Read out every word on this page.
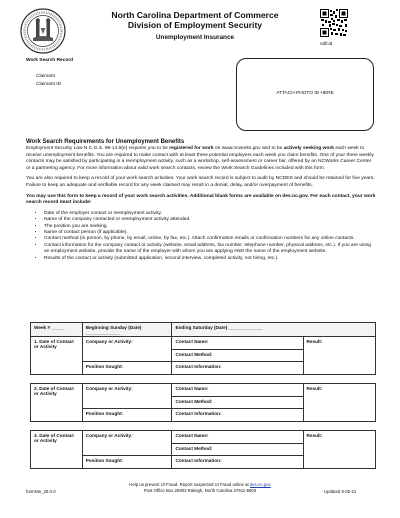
North Carolina Department of Commerce
Division of Employment Security
Unemployment Insurance
ndfcid
Work Search Record
Claimant
Claimant ID
ATTACH PHOTO ID HERE
Work Search Requirements for Unemployment Benefits

Employment Security Law N.C.G.S. 96-14.9(e) requires you to be registered for work on www.ncworks.gov and to be actively seeking work each week to receive unemployment benefits. You are required to make contact with at least three potential employers each week you claim benefits. One of your three weekly contacts may be satisfied by participating in a reemployment activity, such as a workshop, self-assessment or career fair, offered by an NCWorks Career Center or a partnering agency. For more information about valid work search contacts, review the Work Search Guidelines included with this form.

You are also required to keep a record of your work search activities. Your work search record is subject to audit by NCDES and should be retained for five years. Failure to keep an adequate and verifiable record for any week claimed may result in a denial, delay, and/or overpayment of benefits.

You may use this form to keep a record of your work search activities. Additional blank forms are available on des.nc.gov. For each contact, your work search record must include:

• Date of the employer contact or reemployment activity.
• Name of the company contacted or reemployment activity attended.
• The position you are seeking.
• Name of contact person (if applicable).
• Contact method (in person, by phone, by email, online, by fax, etc.). Attach confirmation emails or confirmation numbers for any online contacts.
• Contact information for the company contact or activity (website, email address, fax number, telephone number, physical address, etc.). If you are using an employment website, provide the name of the employer with whom you are applying AND the name of the employment website.
• Results of the contact or activity (submitted application, second interview, completed activity, not hiring, etc.).
Week # _____	Beginning Sunday (Date) _____________	Ending Saturday (Date) _____________	
1. Date of Contact or Activity	Company or Activity:	Contact Name:	Result:
		Contact Method:	
	Position Sought:	Contact Information:	

2. Date of Contact or Activity	Company or Activity:	Contact Name:	Result:
		Contact Method:	
	Position Sought:	Contact Information:	

3. Date of Contact or Activity	Company or Activity:	Contact Name:	Result:
		Contact Method:	
	Position Sought:	Contact Information:	
Help us prevent UI Fraud. Report suspected UI Fraud online at des.nc.gov
Post Office Box 25903 Raleigh, North Carolina 27611-5903
formNm_28.0.0	Updated 9-25-21
